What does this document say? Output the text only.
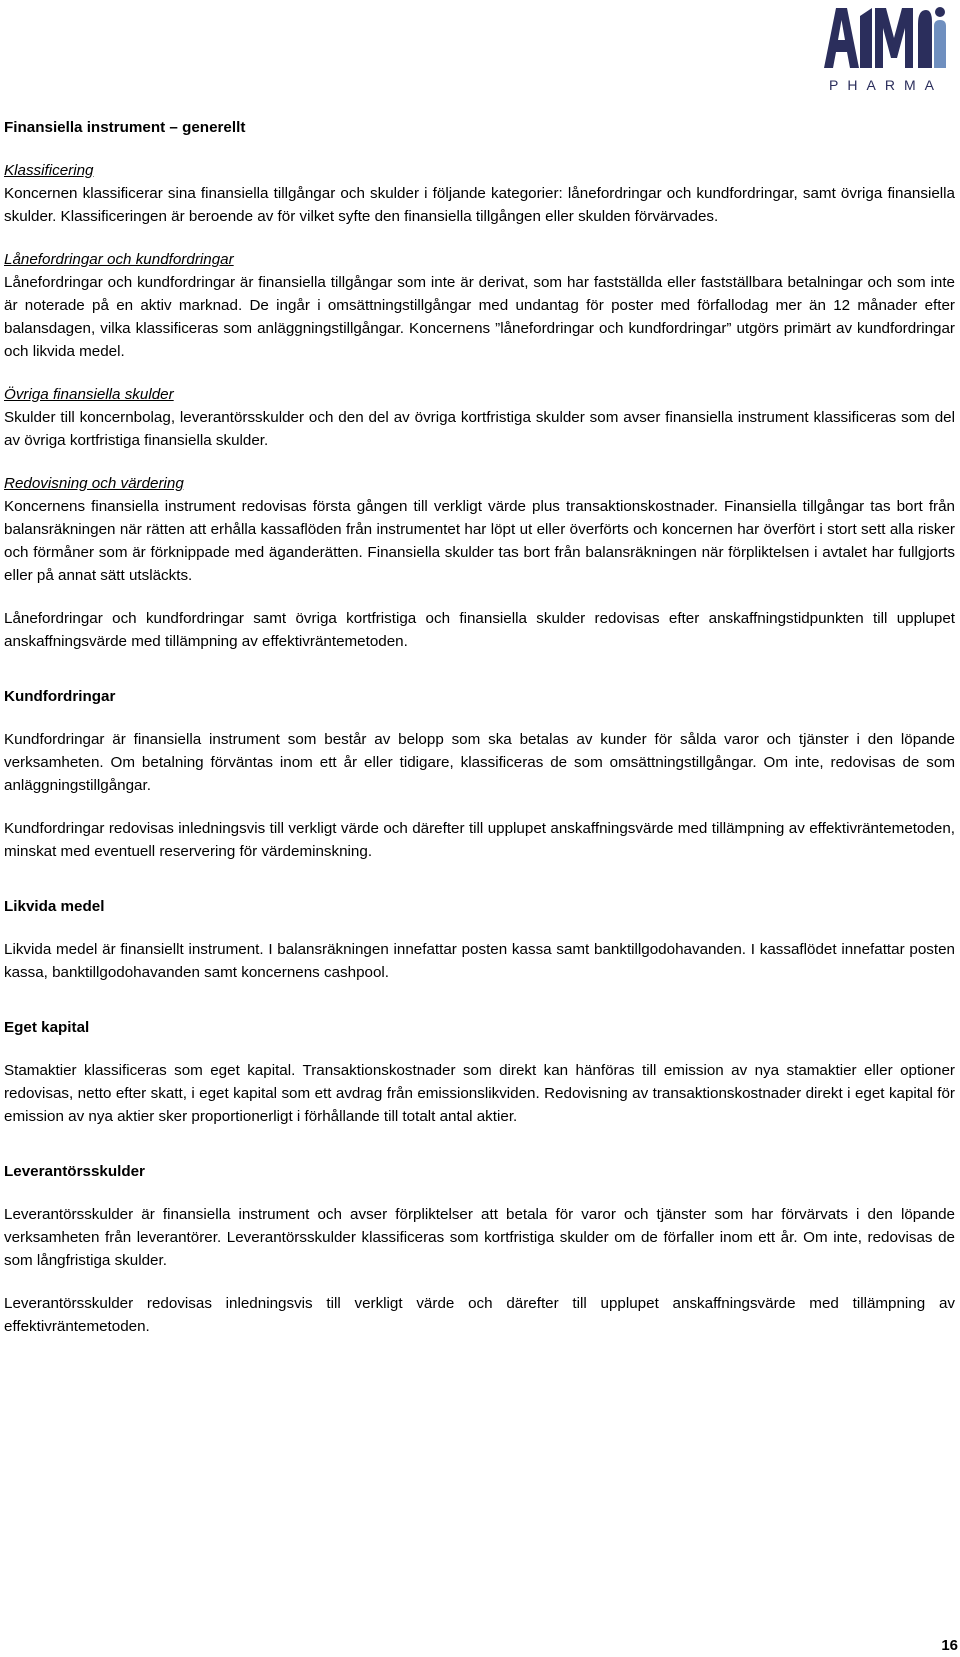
PHARMA

Finansiella instrument – generellt

Klassificering

Koncernen klassificerar sina finansiella tillgångar och skulder i följande kategorier: lånefordringar och kundfordringar, samt övriga finansiella skulder. Klassificeringen är beroende av för vilket syfte den finansiella tillgången eller skulden förvärvades.

Lånefordringar och kundfordringar

Lånefordringar och kundfordringar är finansiella tillgångar som inte är derivat, som har fastställda eller fastställbara betalningar och som inte är noterade på en aktiv marknad. De ingår i omsättningstillgångar med undantag för poster med förfallodag mer än 12 månader efter balansdagen, vilka klassificeras som anläggningstillgångar. Koncernens ”lånefordringar och kundfordringar” utgörs primärt av kundfordringar och likvida medel.

Övriga finansiella skulder

Skulder till koncernbolag, leverantörsskulder och den del av övriga kortfristiga skulder som avser finansiella instrument klassificeras som del av övriga kortfristiga finansiella skulder.

Redovisning och värdering

Koncernens finansiella instrument redovisas första gången till verkligt värde plus transaktionskostnader. Finansiella tillgångar tas bort från balansräkningen när rätten att erhålla kassaflöden från instrumentet har löpt ut eller överförts och koncernen har överfört i stort sett alla risker och förmåner som är förknippade med äganderätten. Finansiella skulder tas bort från balansräkningen när förpliktelsen i avtalet har fullgjorts eller på annat sätt utsläckts.

Lånefordringar och kundfordringar samt övriga kortfristiga och finansiella skulder redovisas efter anskaffningstidpunkten till upplupet anskaffningsvärde med tillämpning av effektivräntemetoden.

Kundfordringar

Kundfordringar är finansiella instrument som består av belopp som ska betalas av kunder för sålda varor och tjänster i den löpande verksamheten. Om betalning förväntas inom ett år eller tidigare, klassificeras de som omsättningstillgångar. Om inte, redovisas de som anläggningstillgångar.

Kundfordringar redovisas inledningsvis till verkligt värde och därefter till upplupet anskaffningsvärde med tillämpning av effektivräntemetoden, minskat med eventuell reservering för värdeminskning.

Likvida medel

Likvida medel är finansiellt instrument. I balansräkningen innefattar posten kassa samt banktillgodohavanden. I kassaflödet innefattar posten kassa, banktillgodohavanden samt koncernens cashpool.

Eget kapital

Stamaktier klassificeras som eget kapital. Transaktionskostnader som direkt kan hänföras till emission av nya stamaktier eller optioner redovisas, netto efter skatt, i eget kapital som ett avdrag från emissionslikviden. Redovisning av transaktionskostnader direkt i eget kapital för emission av nya aktier sker proportionerligt i förhållande till totalt antal aktier.

Leverantörsskulder

Leverantörsskulder är finansiella instrument och avser förpliktelser att betala för varor och tjänster som har förvärvats i den löpande verksamheten från leverantörer. Leverantörsskulder klassificeras som kortfristiga skulder om de förfaller inom ett år. Om inte, redovisas de som långfristiga skulder.

Leverantörsskulder redovisas inledningsvis till verkligt värde och därefter till upplupet anskaffningsvärde med tillämpning av effektivräntemetoden.

16
